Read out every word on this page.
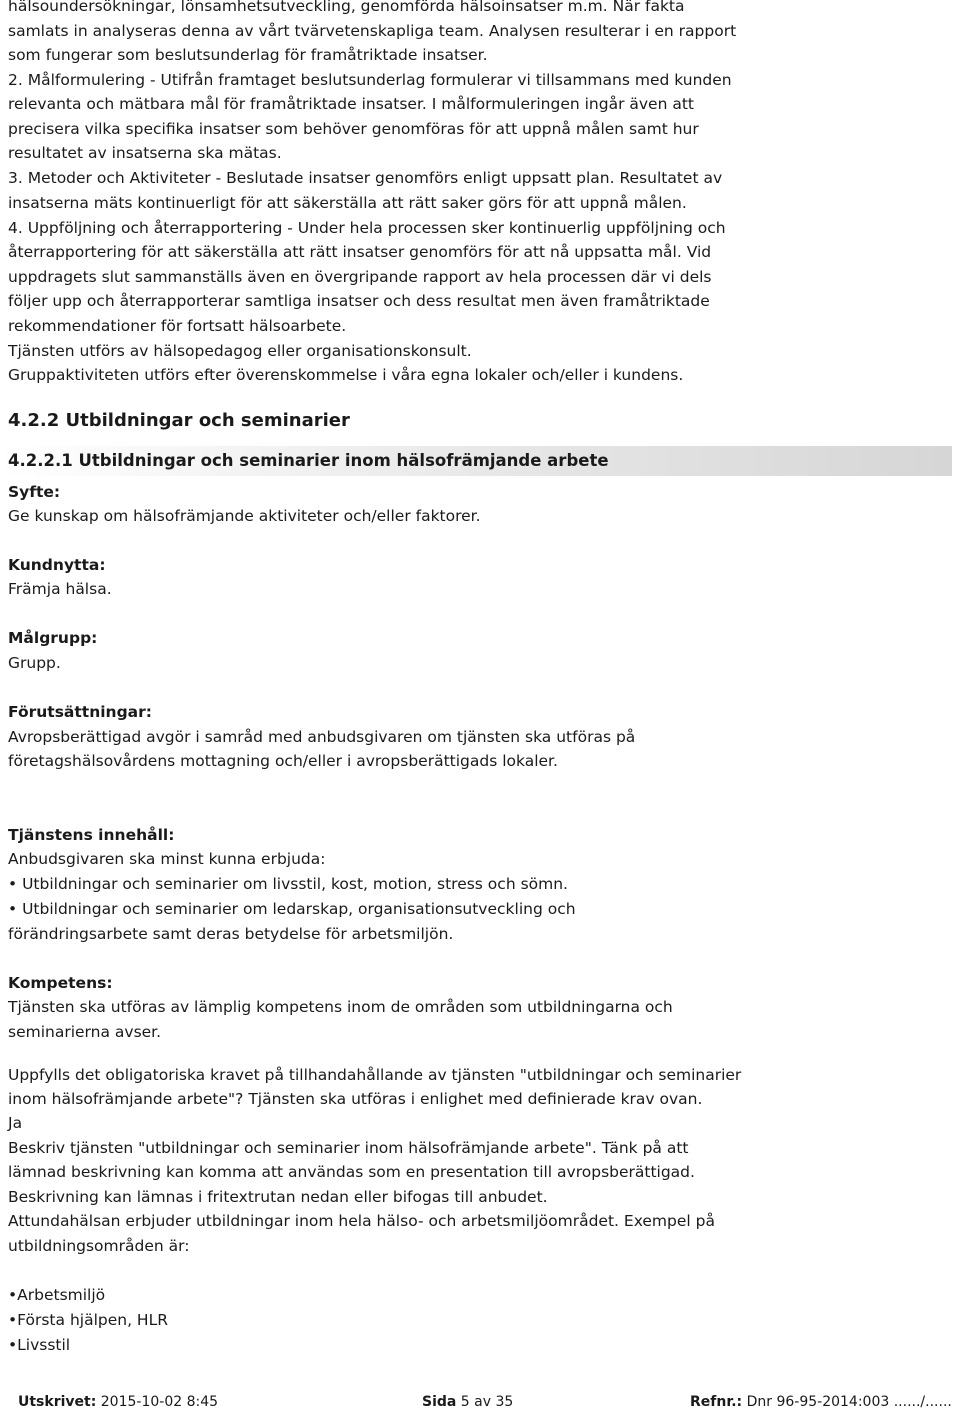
hälsoundersökningar, lönsamhetsutveckling, genomförda hälsoinsatser m.m. När fakta
samlats in analyseras denna av vårt tvärvetenskapliga team. Analysen resulterar i en rapport
som fungerar som beslutsunderlag för framåtriktade insatser.
2. Målformulering - Utifrån framtaget beslutsunderlag formulerar vi tillsammans med kunden
relevanta och mätbara mål för framåtriktade insatser. I målformuleringen ingår även att
precisera vilka specifika insatser som behöver genomföras för att uppnå målen samt hur
resultatet av insatserna ska mätas.
3. Metoder och Aktiviteter - Beslutade insatser genomförs enligt uppsatt plan. Resultatet av
insatserna mäts kontinuerligt för att säkerställa att rätt saker görs för att uppnå målen.
4. Uppföljning och återrapportering - Under hela processen sker kontinuerlig uppföljning och
återrapportering för att säkerställa att rätt insatser genomförs för att nå uppsatta mål. Vid
uppdragets slut sammanställs även en övergripande rapport av hela processen där vi dels
följer upp och återrapporterar samtliga insatser och dess resultat men även framåtriktade
rekommendationer för fortsatt hälsoarbete.
Tjänsten utförs av hälsopedagog eller organisationskonsult.
Gruppaktiviteten utförs efter överenskommelse i våra egna lokaler och/eller i kundens.
4.2.2 Utbildningar och seminarier
4.2.2.1 Utbildningar och seminarier inom hälsofrämjande arbete
Syfte:
Ge kunskap om hälsofrämjande aktiviteter och/eller faktorer.
Kundnytta:
Främja hälsa.
Målgrupp:
Grupp.
Förutsättningar:
Avropsberättigad avgör i samråd med anbudsgivaren om tjänsten ska utföras på
företagshälsovårdens mottagning och/eller i avropsberättigads lokaler.
Tjänstens innehåll:
Anbudsgivaren ska minst kunna erbjuda:
• Utbildningar och seminarier om livsstil, kost, motion, stress och sömn.
• Utbildningar och seminarier om ledarskap, organisationsutveckling och
förändringsarbete samt deras betydelse för arbetsmiljön.
Kompetens:
Tjänsten ska utföras av lämplig kompetens inom de områden som utbildningarna och
seminarierna avser.
Uppfylls det obligatoriska kravet på tillhandahållande av tjänsten "utbildningar och seminarier
inom hälsofrämjande arbete"? Tjänsten ska utföras i enlighet med definierade krav ovan.
Ja
Beskriv tjänsten "utbildningar och seminarier inom hälsofrämjande arbete". Tänk på att
lämnad beskrivning kan komma att användas som en presentation till avropsberättigad.
Beskrivning kan lämnas i fritextrutan nedan eller bifogas till anbudet.
Attundahälsan erbjuder utbildningar inom hela hälso- och arbetsmiljöområdet. Exempel på
utbildningsområden är:
•Arbetsmiljö
•Första hjälpen, HLR
•Livsstil
Utskrivet: 2015-10-02 8:45	Sida 5 av 35	Refnr.: Dnr 96-95-2014:003 ....../......
